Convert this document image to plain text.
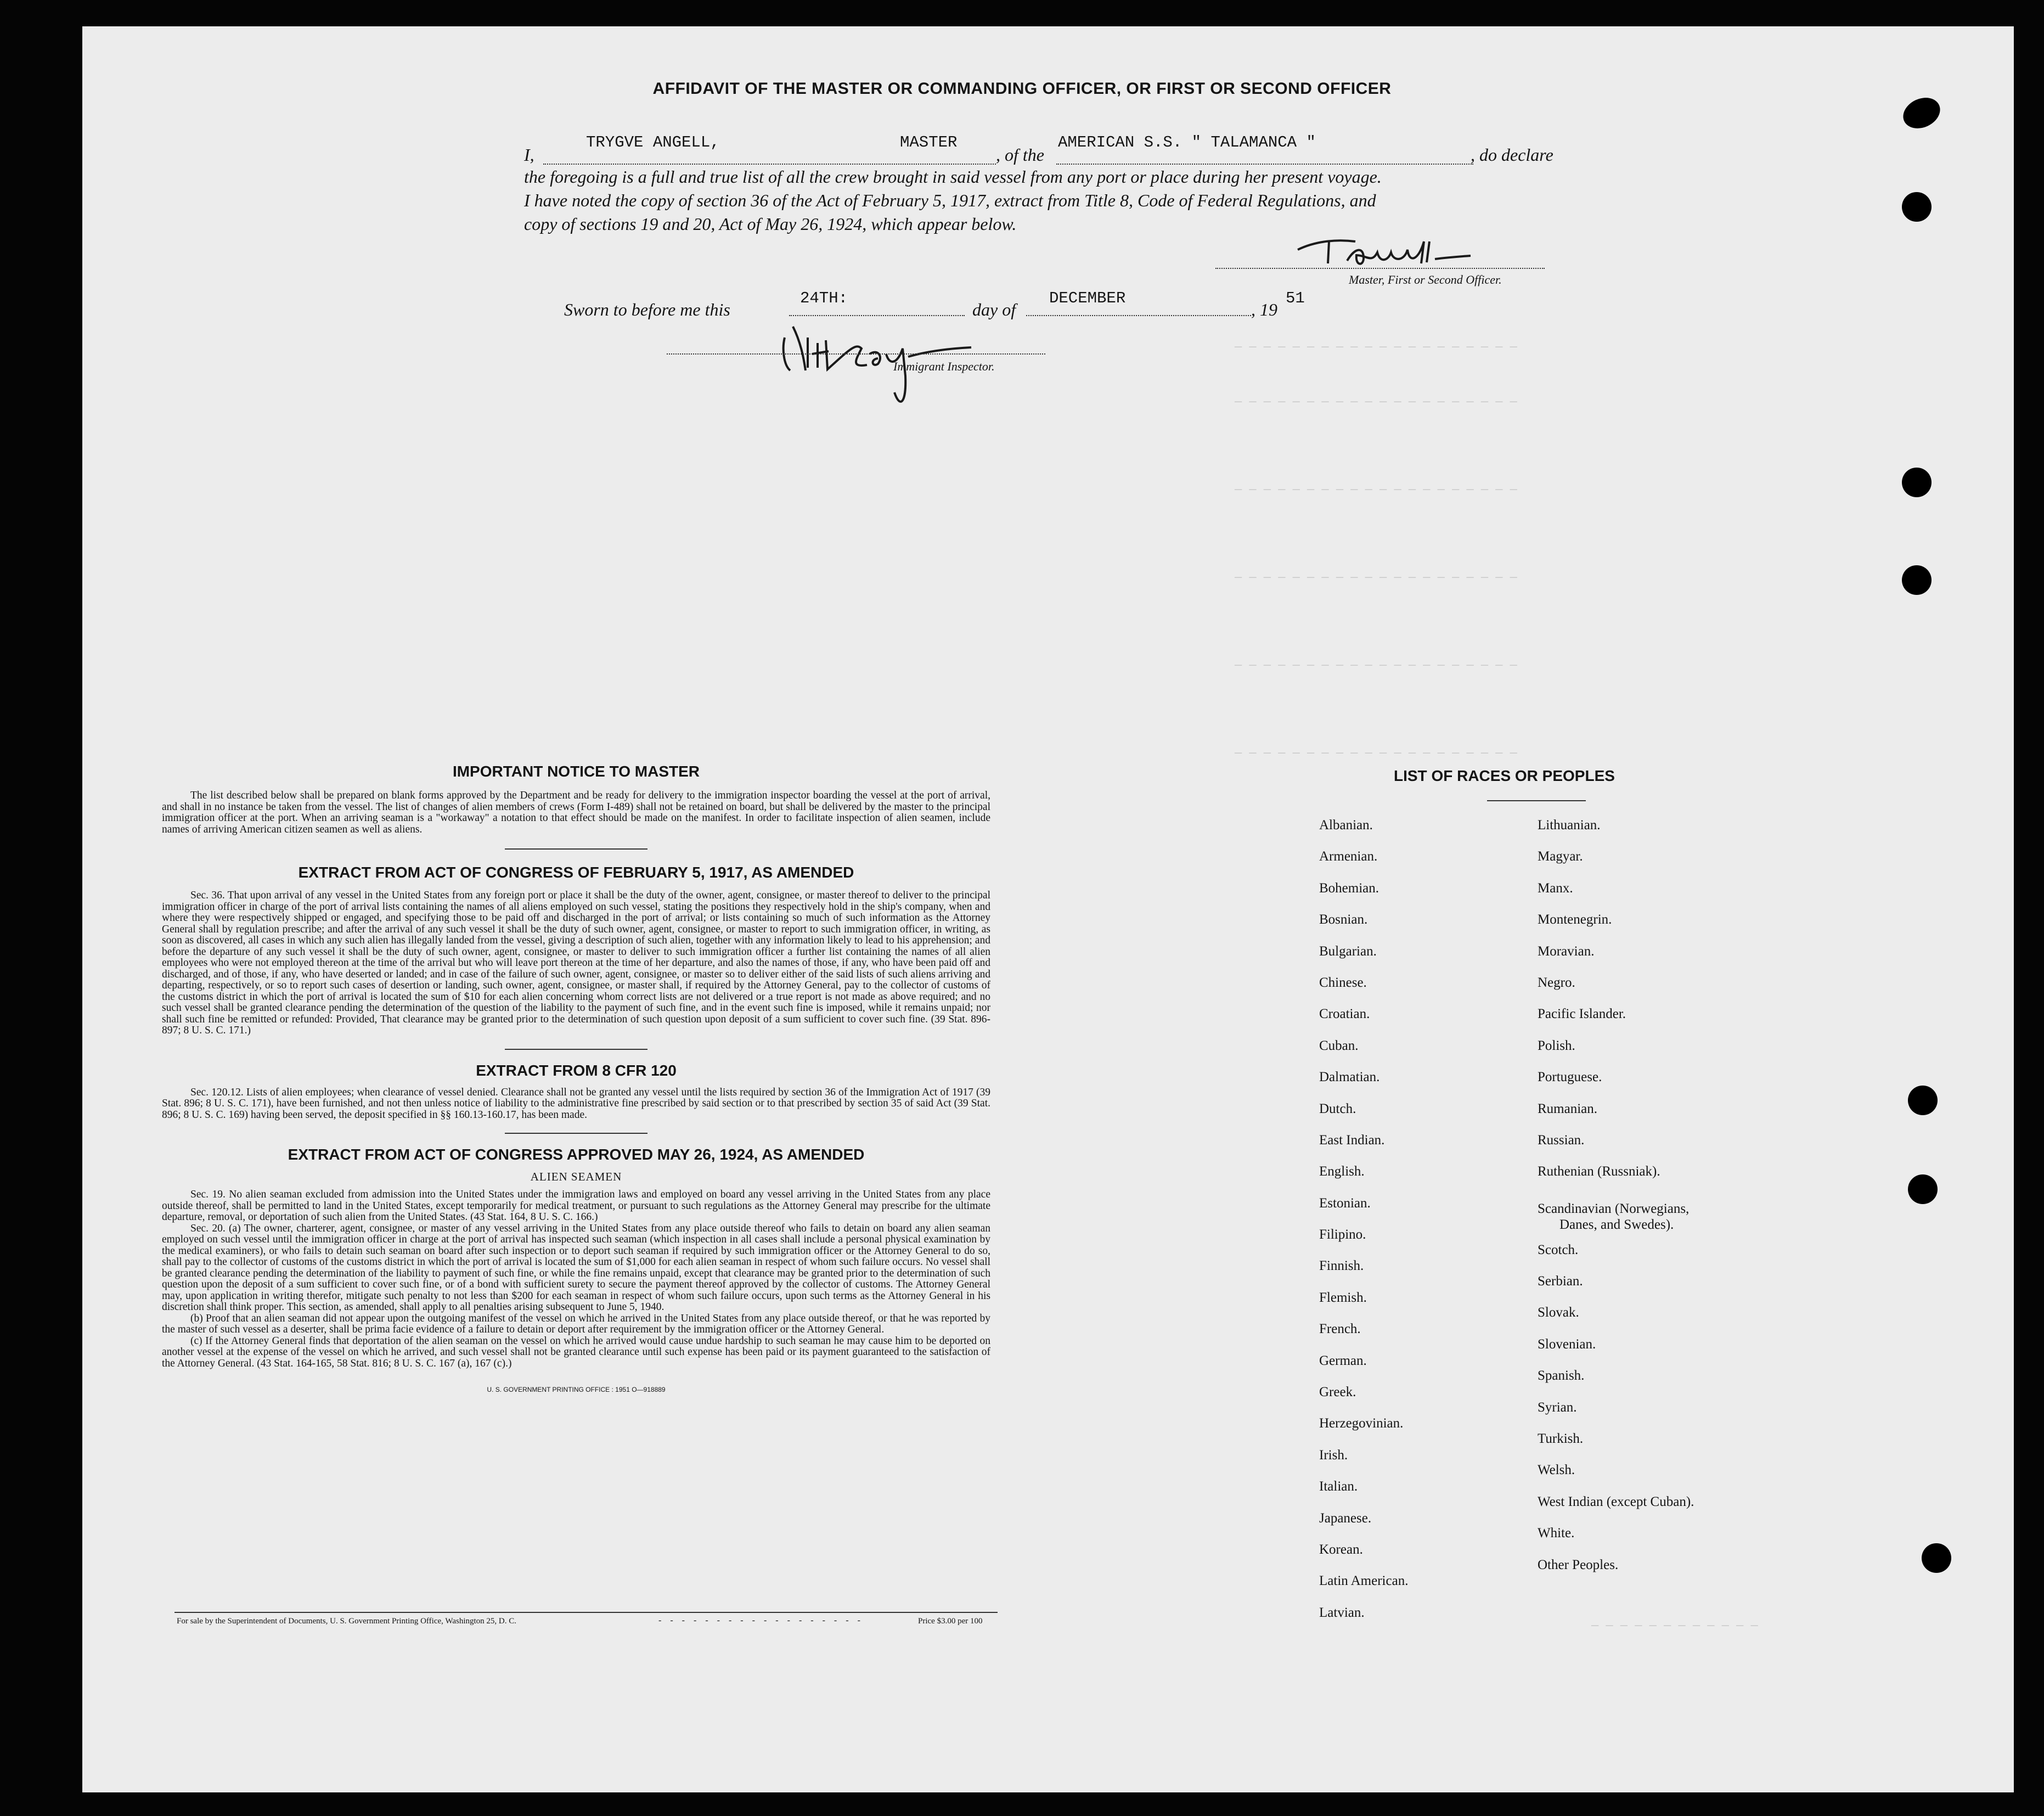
— — — — — — — — — — — — — — — — — — — —
— — — — — — — — — — — — — — — — — — — —
— — — — — — — — — — — — — — — — — — — —
— — — — — — — — — — — — — — — — — — — —
— — — — — — — — — — — — — — — — — — — —
— — — — — — — — — — — — — — — — — — — —
— — — — — — — — — — — —
AFFIDAVIT OF THE MASTER OR COMMANDING OFFICER, OR FIRST OR SECOND OFFICER
I,
TRYGVE ANGELL,	MASTER
, of the
AMERICAN S.S. " TALAMANCA "
, do declare
the foregoing is a full and true list of all the crew brought in said vessel from any port or place during her present voyage.
I have noted the copy of section 36 of the Act of February 5, 1917, extract from Title 8, Code of Federal Regulations, and
copy of sections 19 and 20, Act of May 26, 1924, which appear below.
Master, First or Second Officer.
Sworn to before me this
24TH:
day of
DECEMBER
, 19
51
Immigrant Inspector.
IMPORTANT NOTICE TO MASTER

The list described below shall be prepared on blank forms approved by the Department and be ready for delivery to the immigration inspector boarding the vessel at the port of arrival, and shall in no instance be taken from the vessel. The list of changes of alien members of crews (Form I-489) shall not be retained on board, but shall be delivered by the master to the principal immigration officer at the port. When an arriving seaman is a "workaway" a notation to that effect should be made on the manifest. In order to facilitate inspection of alien seamen, include names of arriving American citizen seamen as well as aliens.

EXTRACT FROM ACT OF CONGRESS OF FEBRUARY 5, 1917, AS AMENDED

Sec. 36. That upon arrival of any vessel in the United States from any foreign port or place it shall be the duty of the owner, agent, consignee, or master thereof to deliver to the principal immigration officer in charge of the port of arrival lists containing the names of all aliens employed on such vessel, stating the positions they respectively hold in the ship's company, when and where they were respectively shipped or engaged, and specifying those to be paid off and discharged in the port of arrival; or lists containing so much of such information as the Attorney General shall by regulation prescribe; and after the arrival of any such vessel it shall be the duty of such owner, agent, consignee, or master to report to such immigration officer, in writing, as soon as discovered, all cases in which any such alien has illegally landed from the vessel, giving a description of such alien, together with any information likely to lead to his apprehension; and before the departure of any such vessel it shall be the duty of such owner, agent, consignee, or master to deliver to such immigration officer a further list containing the names of all alien employees who were not employed thereon at the time of the arrival but who will leave port thereon at the time of her departure, and also the names of those, if any, who have been paid off and discharged, and of those, if any, who have deserted or landed; and in case of the failure of such owner, agent, consignee, or master so to deliver either of the said lists of such aliens arriving and departing, respectively, or so to report such cases of desertion or landing, such owner, agent, consignee, or master shall, if required by the Attorney General, pay to the collector of customs of the customs district in which the port of arrival is located the sum of $10 for each alien concerning whom correct lists are not delivered or a true report is not made as above required; and no such vessel shall be granted clearance pending the determination of the question of the liability to the payment of such fine, and in the event such fine is imposed, while it remains unpaid; nor shall such fine be remitted or refunded: Provided, That clearance may be granted prior to the determination of such question upon deposit of a sum sufficient to cover such fine. (39 Stat. 896-897; 8 U. S. C. 171.)

EXTRACT FROM 8 CFR 120

Sec. 120.12. Lists of alien employees; when clearance of vessel denied. Clearance shall not be granted any vessel until the lists required by section 36 of the Immigration Act of 1917 (39 Stat. 896; 8 U. S. C. 171), have been furnished, and not then unless notice of liability to the administrative fine prescribed by said section or to that prescribed by section 35 of said Act (39 Stat. 896; 8 U. S. C. 169) having been served, the deposit specified in §§ 160.13-160.17, has been made.

EXTRACT FROM ACT OF CONGRESS APPROVED MAY 26, 1924, AS AMENDED
ALIEN SEAMEN

Sec. 19. No alien seaman excluded from admission into the United States under the immigration laws and employed on board any vessel arriving in the United States from any place outside thereof, shall be permitted to land in the United States, except temporarily for medical treatment, or pursuant to such regulations as the Attorney General may prescribe for the ultimate departure, removal, or deportation of such alien from the United States. (43 Stat. 164, 8 U. S. C. 166.)

Sec. 20. (a) The owner, charterer, agent, consignee, or master of any vessel arriving in the United States from any place outside thereof who fails to detain on board any alien seaman employed on such vessel until the immigration officer in charge at the port of arrival has inspected such seaman (which inspection in all cases shall include a personal physical examination by the medical examiners), or who fails to detain such seaman on board after such inspection or to deport such seaman if required by such immigration officer or the Attorney General to do so, shall pay to the collector of customs of the customs district in which the port of arrival is located the sum of $1,000 for each alien seaman in respect of whom such failure occurs. No vessel shall be granted clearance pending the determination of the liability to payment of such fine, or while the fine remains unpaid, except that clearance may be granted prior to the determination of such question upon the deposit of a sum sufficient to cover such fine, or of a bond with sufficient surety to secure the payment thereof approved by the collector of customs. The Attorney General may, upon application in writing therefor, mitigate such penalty to not less than $200 for each seaman in respect of whom such failure occurs, upon such terms as the Attorney General in his discretion shall think proper. This section, as amended, shall apply to all penalties arising subsequent to June 5, 1940.

(b) Proof that an alien seaman did not appear upon the outgoing manifest of the vessel on which he arrived in the United States from any place outside thereof, or that he was reported by the master of such vessel as a deserter, shall be prima facie evidence of a failure to detain or deport after requirement by the immigration officer or the Attorney General.

(c) If the Attorney General finds that deportation of the alien seaman on the vessel on which he arrived would cause undue hardship to such seaman he may cause him to be deported on another vessel at the expense of the vessel on which he arrived, and such vessel shall not be granted clearance until such expense has been paid or its payment guaranteed to the satisfaction of the Attorney General. (43 Stat. 164-165, 58 Stat. 816; 8 U. S. C. 167 (a), 167 (c).)

U. S. GOVERNMENT PRINTING OFFICE : 1951 O—918889
For sale by the Superintendent of Documents, U. S. Government Printing Office, Washington 25, D. C.	- - - - - - - - - - - - - - - - - -	Price $3.00 per 100
LIST OF RACES OR PEOPLES
Albanian.
Armenian.
Bohemian.
Bosnian.
Bulgarian.
Chinese.
Croatian.
Cuban.
Dalmatian.
Dutch.
East Indian.
English.
Estonian.
Filipino.
Finnish.
Flemish.
French.
German.
Greek.
Herzegovinian.
Irish.
Italian.
Japanese.
Korean.
Latin American.
Latvian.
Lithuanian.
Magyar.
Manx.
Montenegrin.
Moravian.
Negro.
Pacific Islander.
Polish.
Portuguese.
Rumanian.
Russian.
Ruthenian (Russniak).
Scandinavian (Norwegians,
Danes, and Swedes).
Scotch.
Serbian.
Slovak.
Slovenian.
Spanish.
Syrian.
Turkish.
Welsh.
West Indian (except Cuban).
White.
Other Peoples.
